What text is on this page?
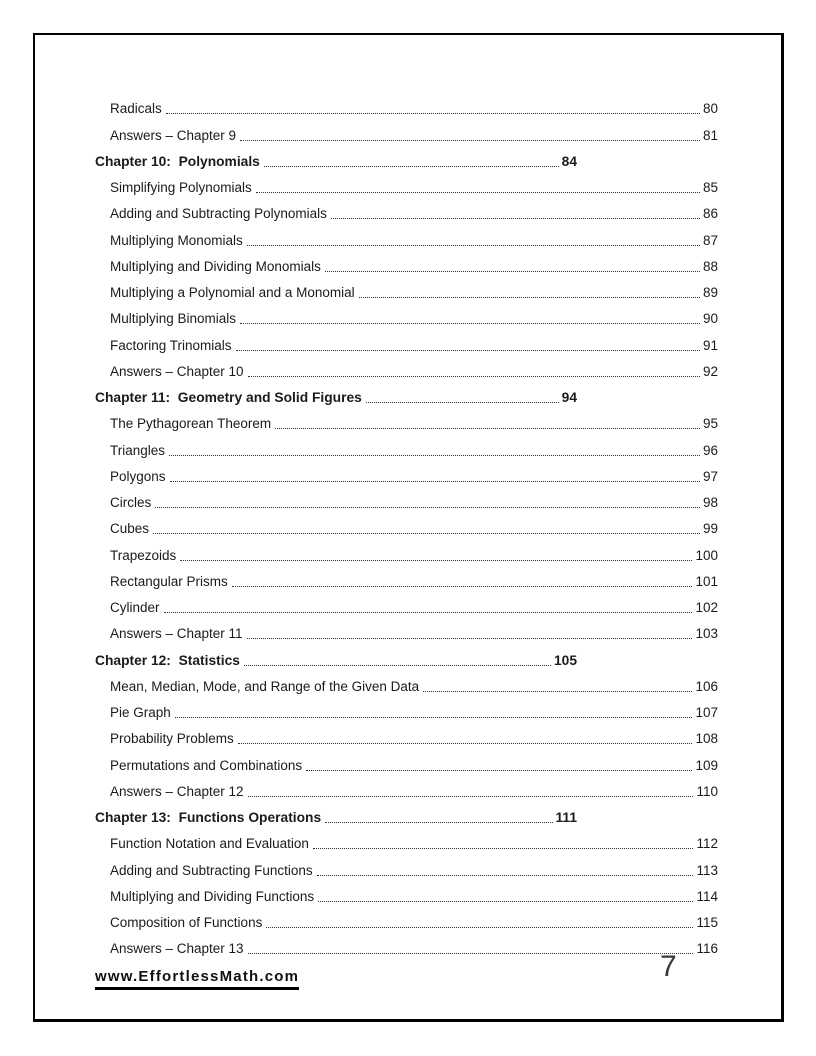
Radicals	80
Answers – Chapter 9	81
Chapter 10:  Polynomials	84
Simplifying Polynomials	85
Adding and Subtracting Polynomials	86
Multiplying Monomials	87
Multiplying and Dividing Monomials	88
Multiplying a Polynomial and a Monomial	89
Multiplying Binomials	90
Factoring Trinomials	91
Answers – Chapter 10	92
Chapter 11:  Geometry and Solid Figures	94
The Pythagorean Theorem	95
Triangles	96
Polygons	97
Circles	98
Cubes	99
Trapezoids	100
Rectangular Prisms	101
Cylinder	102
Answers – Chapter 11	103
Chapter 12:  Statistics	105
Mean, Median, Mode, and Range of the Given Data	106
Pie Graph	107
Probability Problems	108
Permutations and Combinations	109
Answers – Chapter 12	110
Chapter 13:  Functions Operations	111
Function Notation and Evaluation	112
Adding and Subtracting Functions	113
Multiplying and Dividing Functions	114
Composition of Functions	115
Answers – Chapter 13	116
www.EffortlessMath.com	7
